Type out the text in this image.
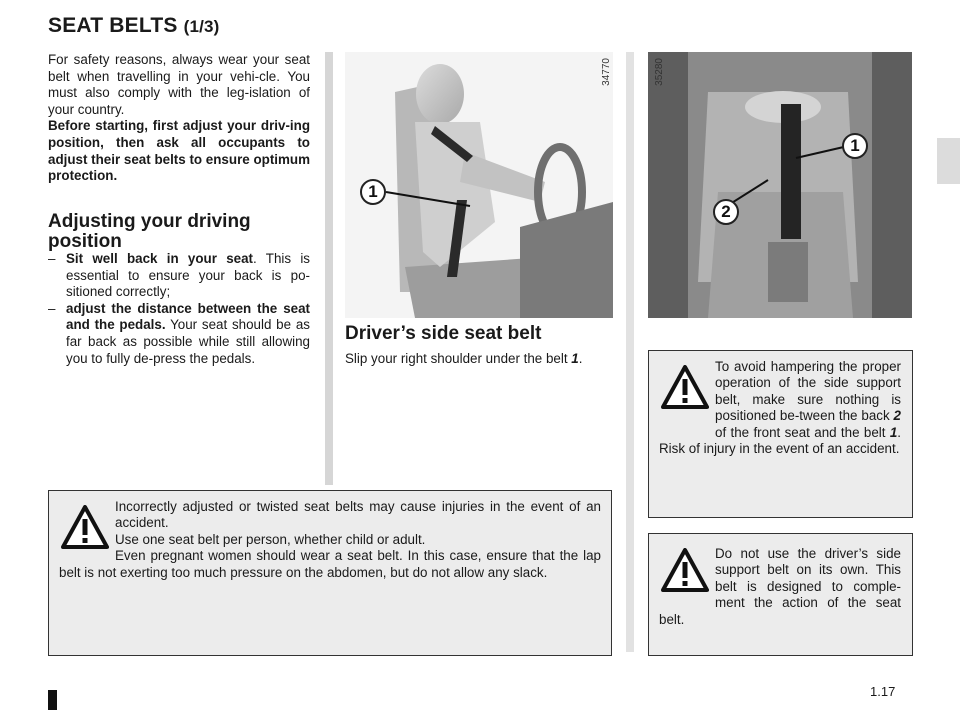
SEAT BELTS (1/3)

For safety reasons, always wear your seat belt when travelling in your vehi-cle. You must also comply with the leg-islation of your country.

Before starting, first adjust your driv-ing position, then ask all occupants to adjust their seat belts to ensure optimum protection.

Adjusting your driving position
– Sit well back in your seat. This is essential to ensure your back is po-sitioned correctly;
– adjust the distance between the seat and the pedals. Your seat should be as far back as possible while still allowing you to fully de-press the pedals.
34770
1
35280
1
2
Driver’s side seat belt
Slip your right shoulder under the belt 1.
To avoid hampering the proper operation of the side support belt, make sure nothing is positioned be-tween the back 2 of the front seat and the belt 1. Risk of injury in the event of an accident.
Do not use the driver’s side support belt on its own. This belt is designed to comple-ment the action of the seat belt.
Incorrectly adjusted or twisted seat belts may cause injuries in the event of an accident.
Use one seat belt per person, whether child or adult.
Even pregnant women should wear a seat belt. In this case, ensure that the lap belt is not exerting too much pressure on the abdomen, but do not allow any slack.
1.17
